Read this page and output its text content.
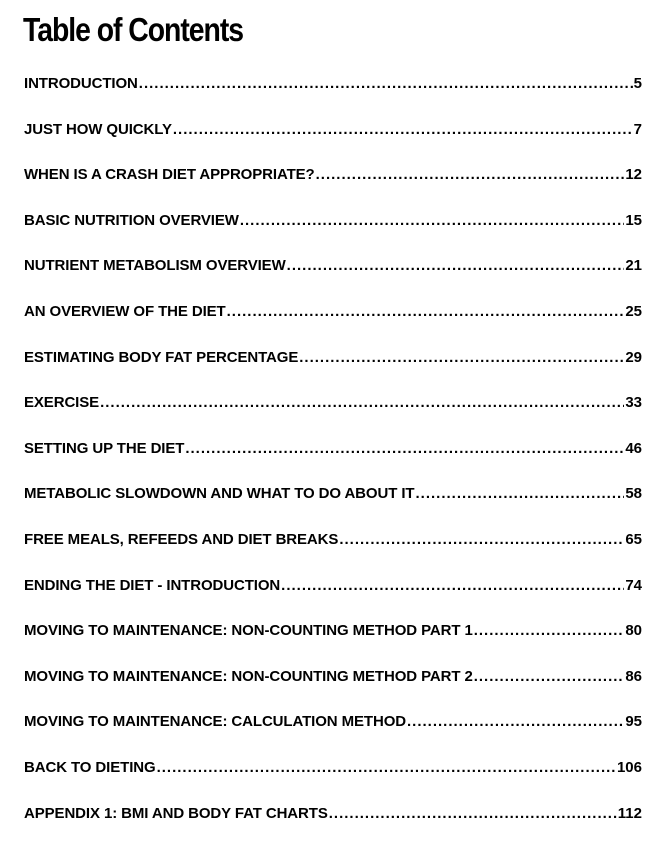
Table of Contents
INTRODUCTION .....	5
JUST HOW QUICKLY .....	7
WHEN IS A CRASH DIET APPROPRIATE? .....	12
BASIC NUTRITION OVERVIEW .....	15
NUTRIENT METABOLISM OVERVIEW .....	21
AN OVERVIEW OF THE DIET .....	25
ESTIMATING BODY FAT PERCENTAGE .....	29
EXERCISE .....	33
SETTING UP THE DIET .....	46
METABOLIC SLOWDOWN AND WHAT TO DO ABOUT IT .....	58
FREE MEALS, REFEEDS AND DIET BREAKS .....	65
ENDING THE DIET - INTRODUCTION .....	74
MOVING TO MAINTENANCE: NON-COUNTING METHOD PART 1 .....	80
MOVING TO MAINTENANCE: NON-COUNTING METHOD PART 2 .....	86
MOVING TO MAINTENANCE: CALCULATION METHOD .....	95
BACK TO DIETING .....	106
APPENDIX 1: BMI AND BODY FAT CHARTS .....	112
